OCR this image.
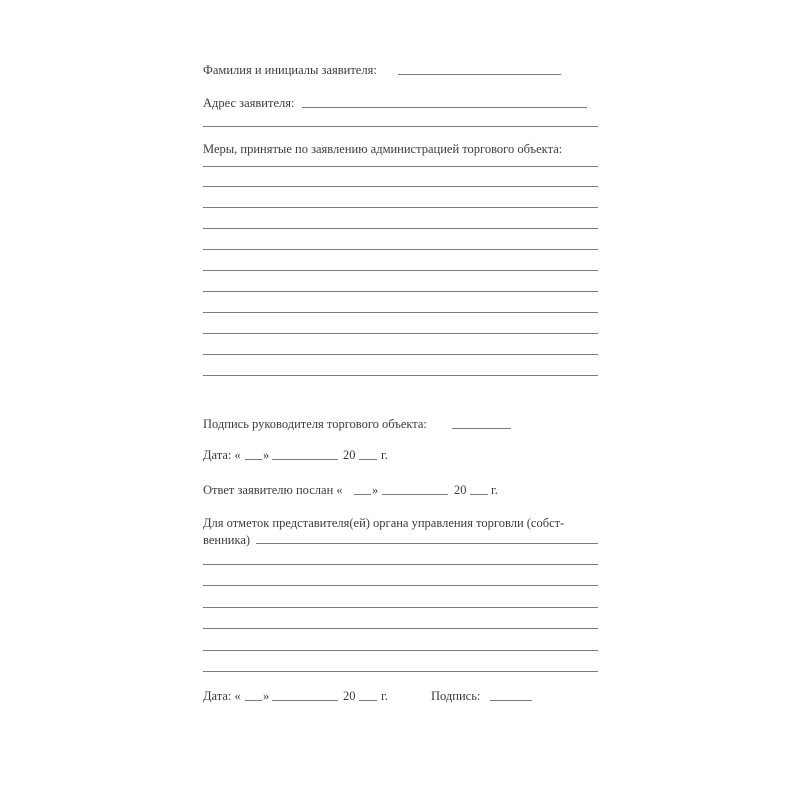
Фамилия и инициалы заявителя:
Адрес заявителя:
Меры, принятые по заявлению администрацией торгового объекта:
Подпись руководителя торгового объекта:
Дата: « »	20 г.
Ответ заявителю послан « »	20 г.
Для отметок представителя(ей) органа управления торговли (собст-
венника)
Дата: « »	20 г.	Подпись:
